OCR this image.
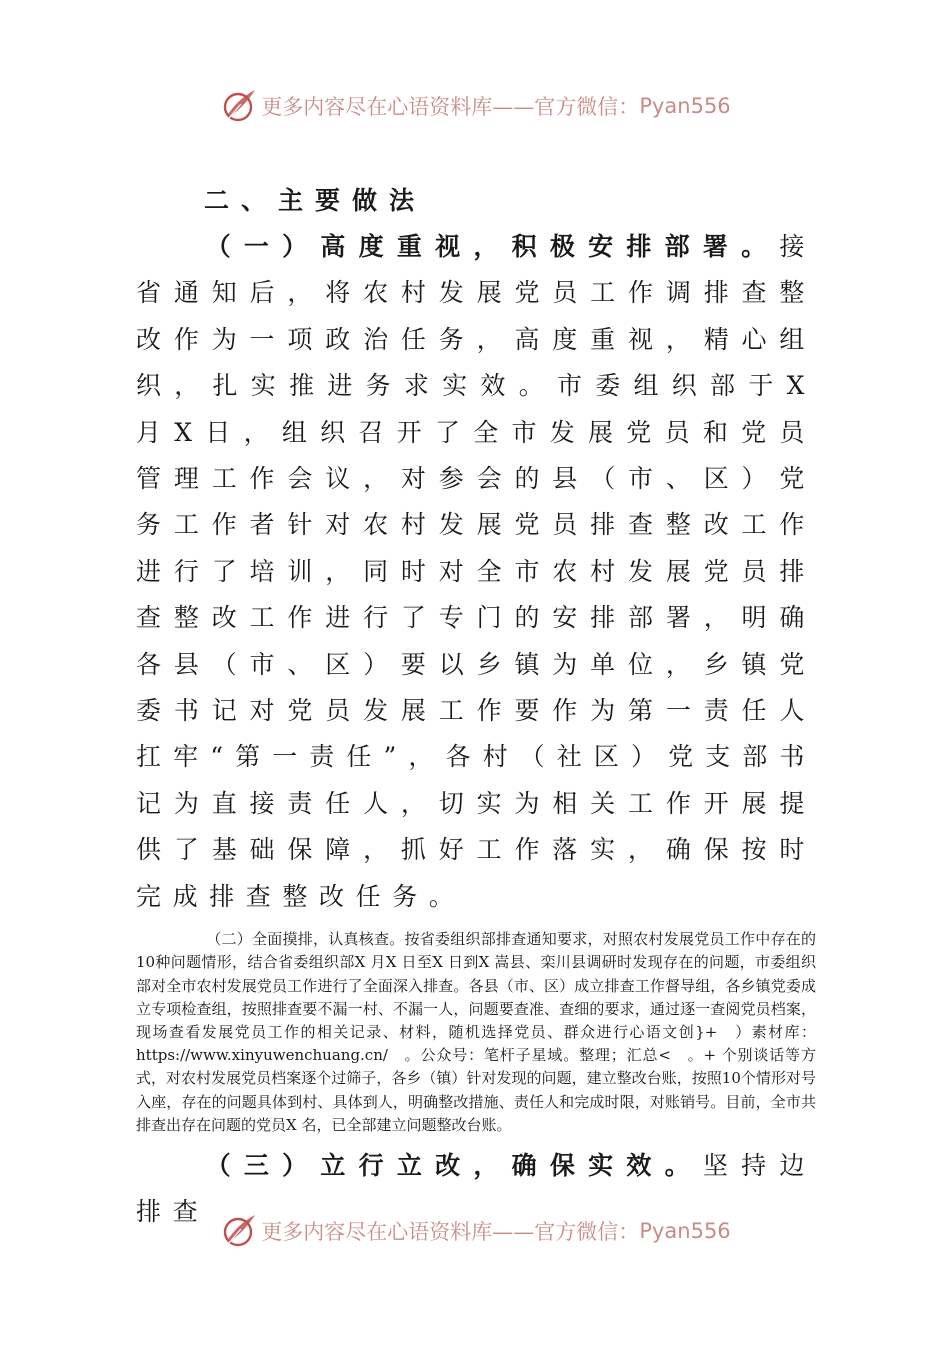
更多内容尽在心语资料库——官方微信： Pyan556
二、主要做法

（一）高度重视，积极安排部署。接省通知后，将农村发展党员工作调排查整改作为一项政治任务，高度重视，精心组织，扎实推进务求实效。市委组织部于X月X日，组织召开了全市发展党员和党员管理工作会议，对参会的县（市、区）党务工作者针对农村发展党员排查整改工作进行了培训，同时对全市农村发展党员排查整改工作进行了专门的安排部署，明确各县（市、区）要以乡镇为单位，乡镇党委书记对党员发展工作要作为第一责任人扛牢“第一责任”，各村（社区）党支部书记为直接责任人，切实为相关工作开展提供了基础保障，抓好工作落实，确保按时完成排查整改任务。

（二）全面摸排，认真核查。按省委组织部排查通知要求，对照农村发展党员工作中存在的10种问题情形，结合省委组织部X 月X 日至X 日到X 嵩县、栾川县调研时发现存在的问题，市委组织部对全市农村发展党员工作进行了全面深入排查。各县（市、区）成立排查工作督导组，各乡镇党委成立专项检查组，按照排查要不漏一村、不漏一人，问题要查准、查细的要求，通过逐一查阅党员档案，现场查看发展党员工作的相关记录、材料，随机选择党员、群众进行心语文创}+　）素材库：https://www.xinyuwenchuang.cn/　。公众号：笔杆子星域。整理；汇总<　。+ 个别谈话等方式，对农村发展党员档案逐个过筛子，各乡（镇）针对发现的问题，建立整改台账，按照10个情形对号入座，存在的问题具体到村、具体到人，明确整改措施、责任人和完成时限，对账销号。目前，全市共排查出存在问题的党员X 名，已全部建立问题整改台账。

（三）立行立改，确保实效。坚持边排查

更多内容尽在心语资料库——官方微信： Pyan556
